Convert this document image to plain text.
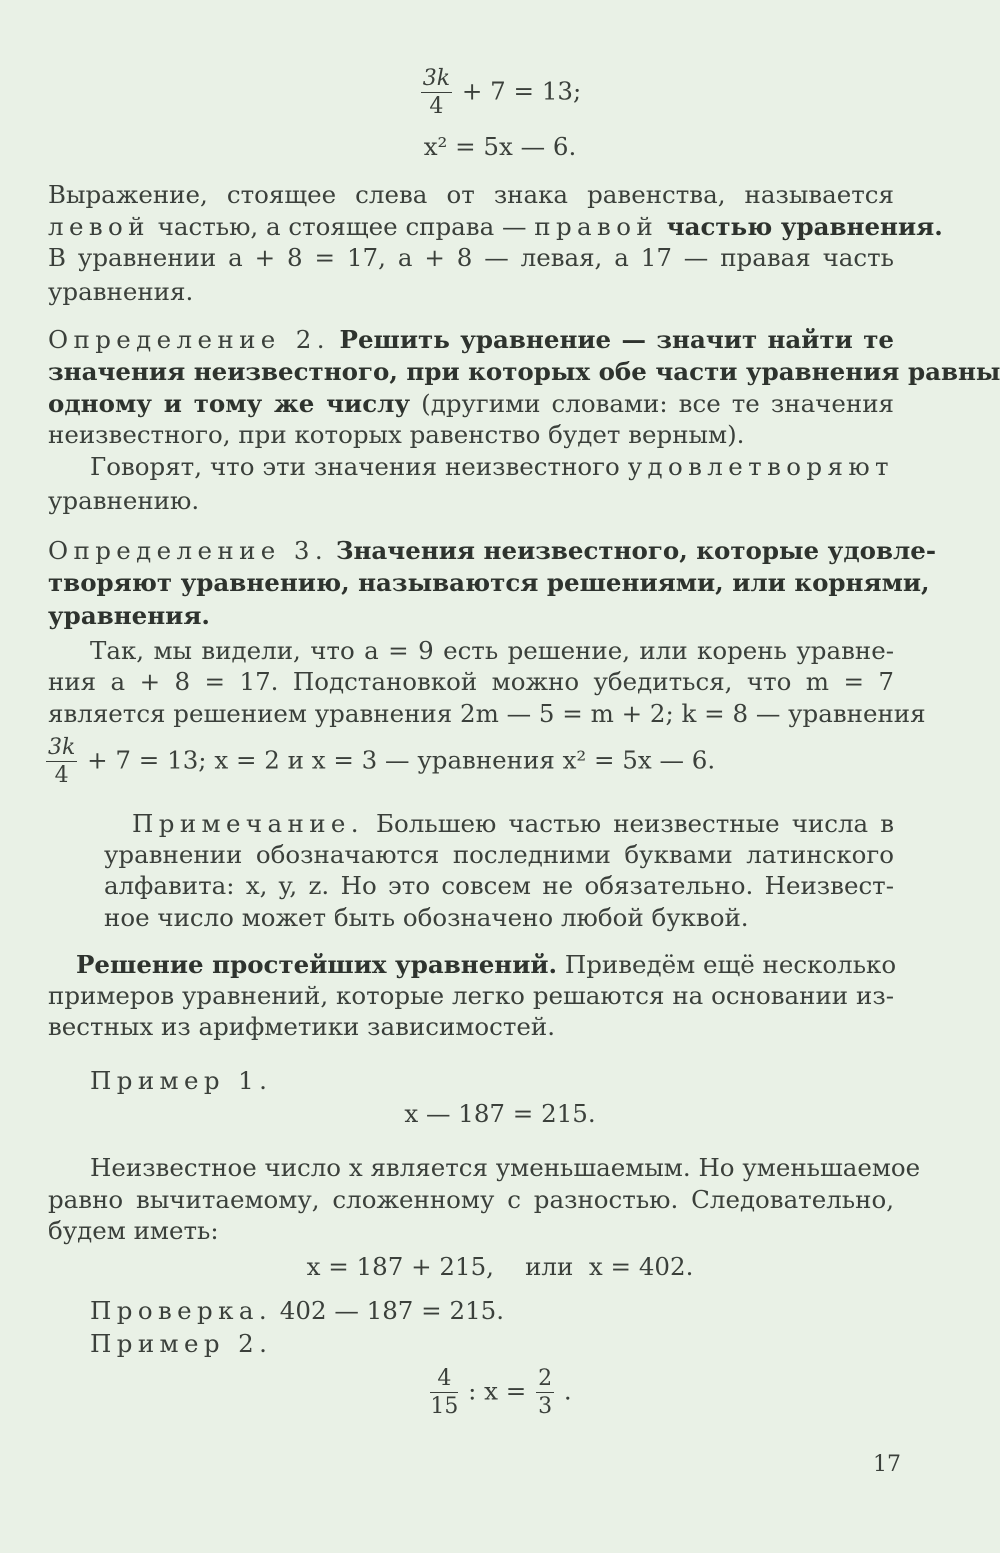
$\frac{3k}{4} + 7 = 13$;
x² = 5x — 6.
Выражение, стоящее слева от знака равенства, называется
левой частью, а стоящее справа — правой частью уравнения.
В уравнении a + 8 = 17, a + 8 — левая, а 17 — правая часть
уравнения.
Определение 2. Решить уравнение — значит найти те
значения неизвестного, при которых обе части уравнения равны
одному и тому же числу (другими словами: все те значения
неизвестного, при которых равенство будет верным).
Говорят, что эти значения неизвестного удовлетворяют
уравнению.
Определение 3. Значения неизвестного, которые удовле-
творяют уравнению, называются решениями, или корнями,
уравнения.
Так, мы видели, что a = 9 есть решение, или корень уравне-
ния a + 8 = 17. Подстановкой можно убедиться, что m = 7
является решением уравнения 2m — 5 = m + 2; k = 8 — уравнения
$\frac{3k}{4} + 7 = 13$; x = 2 и x = 3 — уравнения x² = 5x — 6.
Примечание. Большею частью неизвестные числа в
уравнении обозначаются последними буквами латинского
алфавита: x, y, z. Но это совсем не обязательно. Неизвест-
ное число может быть обозначено любой буквой.
Решение простейших уравнений. Приведём ещё несколько
примеров уравнений, которые легко решаются на основании из-
вестных из арифметики зависимостей.
Пример 1.
x — 187 = 215.
Неизвестное число x является уменьшаемым. Но уменьшаемое
равно вычитаемому, сложенному с разностью. Следовательно,
будем иметь:
x = 187 + 215,    или  x = 402.
Проверка. 402 — 187 = 215.
Пример 2.
$\frac{4}{15}$ : $x = \frac{2}{3}$ .
17
